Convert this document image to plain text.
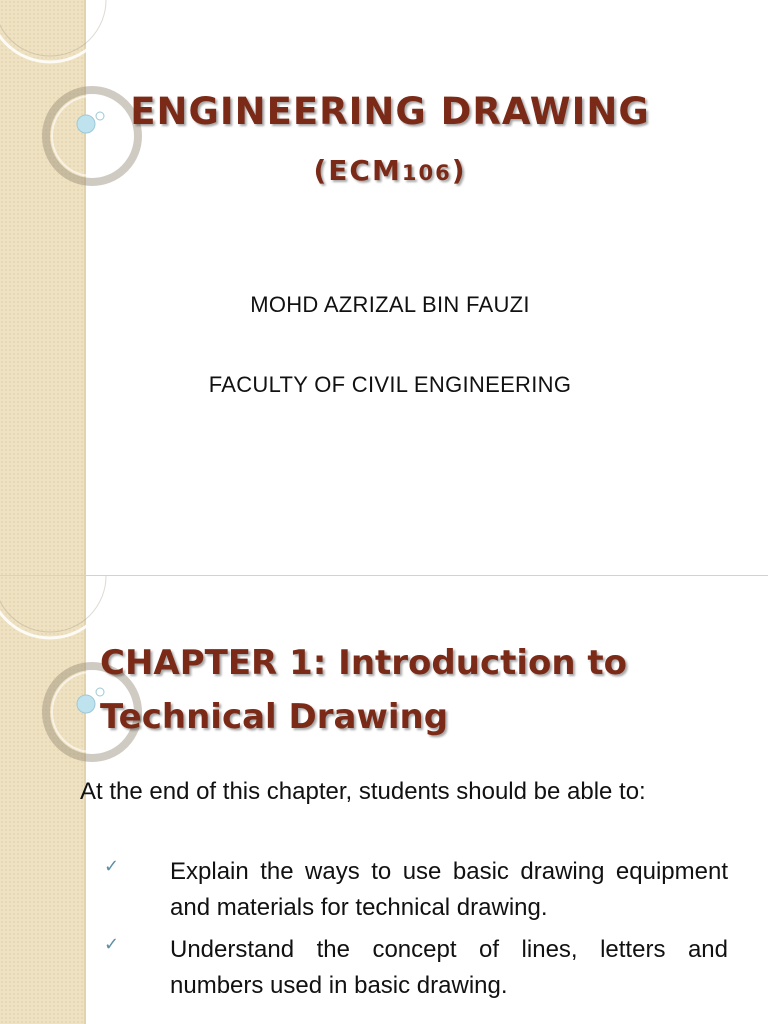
ENGINEERING DRAWING
(ECM106)
MOHD AZRIZAL BIN FAUZI
FACULTY OF CIVIL ENGINEERING
CHAPTER 1: Introduction to
Technical Drawing
At the end of this chapter, students should be able to:
✓ Explain the ways to use basic drawing equipment and materials for technical drawing.
✓ Understand the concept of lines, letters and numbers used in basic drawing.
